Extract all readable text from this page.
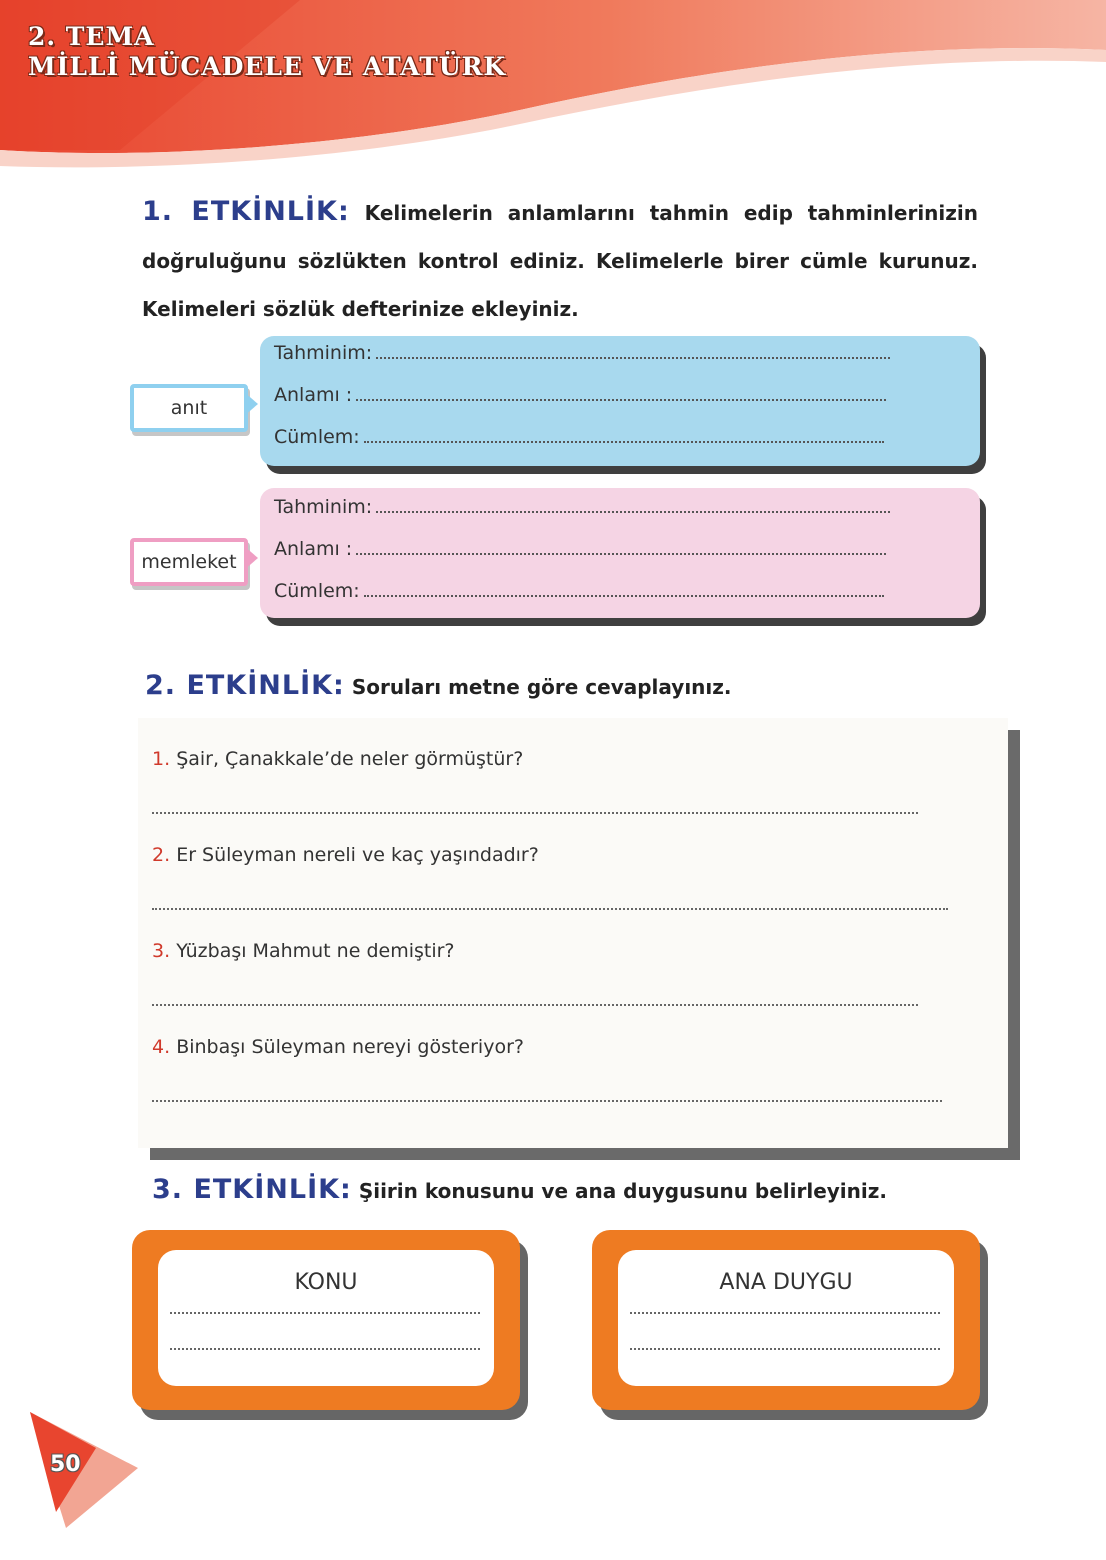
2. TEMA
MİLLİ MÜCADELE VE ATATÜRK
1. ETKİNLİK: Kelimelerin anlamlarını tahmin edip tahminlerinizin doğruluğunu sözlükten kontrol ediniz. Kelimelerle birer cümle kurunuz. Kelimeleri sözlük defterinize ekleyiniz.
anıt
Tahminim:
Anlamı :
Cümlem:
memleket
Tahminim:
Anlamı :
Cümlem:
2. ETKİNLİK: Soruları metne göre cevaplayınız.
1. Şair, Çanakkale’de neler görmüştür?
2. Er Süleyman nereli ve kaç yaşındadır?
3. Yüzbaşı Mahmut ne demiştir?
4. Binbaşı Süleyman nereyi gösteriyor?
3. ETKİNLİK: Şiirin konusunu ve ana duygusunu belirleyiniz.
KONU	ANA DUYGU
50
